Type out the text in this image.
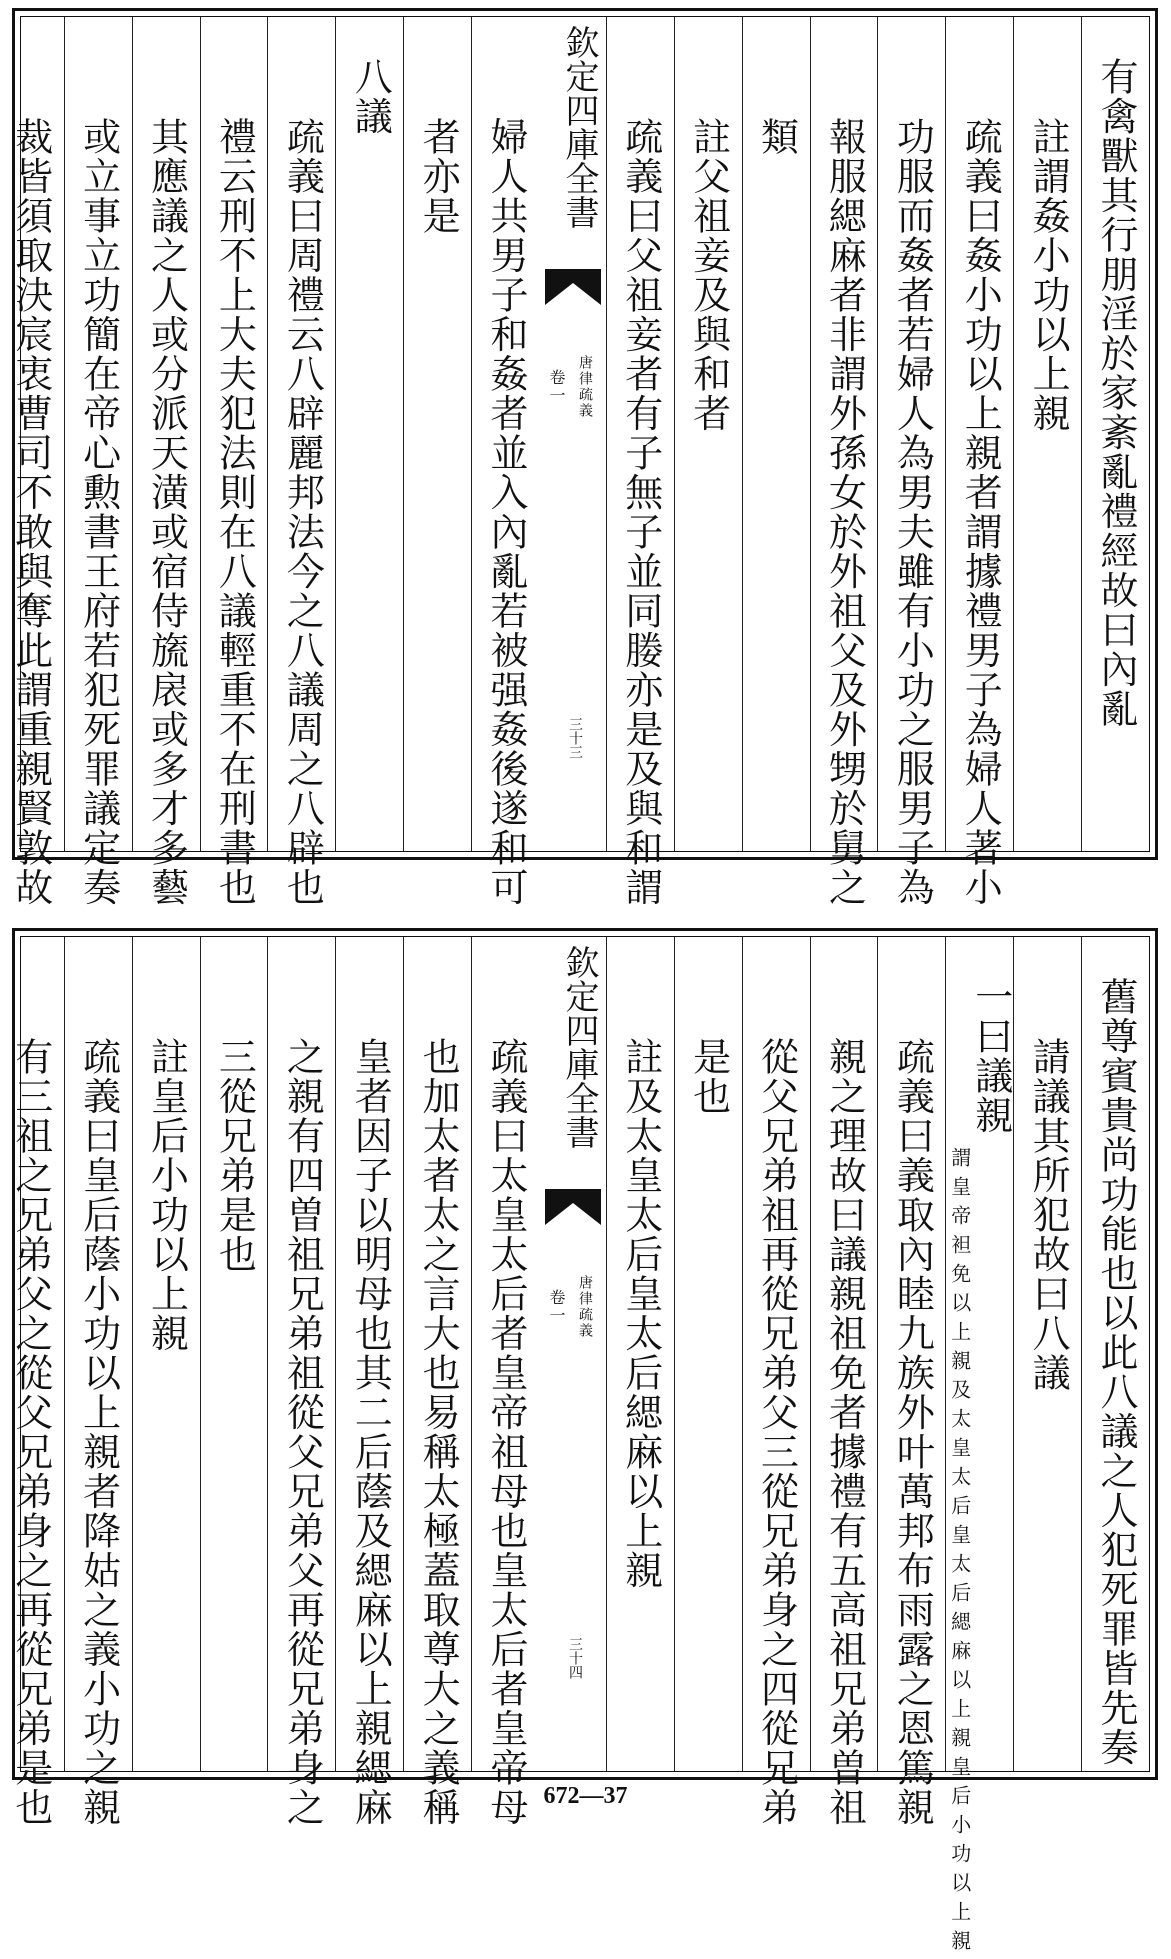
有禽獸其行朋淫於家紊亂禮經故曰內亂
註謂姦小功以上親
疏義曰姦小功以上親者謂據禮男子為婦人著小
功服而姦者若婦人為男夫雖有小功之服男子為
報服緦麻者非謂外孫女於外祖父及外甥於舅之
類
註父祖妾及與和者
疏義曰父祖妾者有子無子並同媵亦是及與和謂
欽定四庫全書
唐律疏義
卷一
三十三
婦人共男子和姦者並入內亂若被强姦後遂和可
者亦是
八議
疏義曰周禮云八辟麗邦法今之八議周之八辟也
禮云刑不上大夫犯法則在八議輕重不在刑書也
其應議之人或分派天潢或宿侍旒扆或多才多藝
或立事立功簡在帝心勲書王府若犯死罪議定奏
裁皆須取決宸衷曹司不敢與奪此謂重親賢敦故
舊尊賓貴尚功能也以此八議之人犯死罪皆先奏
請議其所犯故曰八議
一曰議親
謂皇帝袒免以上親及太皇太后皇太后緦麻以上親皇后小功以上親
疏義曰義取內睦九族外叶萬邦布雨露之恩篤親
親之理故曰議親祖免者據禮有五高祖兄弟曽祖
從父兄弟祖再從兄弟父三從兄弟身之四從兄弟
是也
註及太皇太后皇太后緦麻以上親
欽定四庫全書
唐律疏義
卷一
三十四
疏義曰太皇太后者皇帝祖母也皇太后者皇帝母
也加太者太之言大也易稱太極蓋取尊大之義稱
皇者因子以明母也其二后蔭及緦麻以上親緦麻
之親有四曽祖兄弟祖從父兄弟父再從兄弟身之
三從兄弟是也
註皇后小功以上親
疏義曰皇后蔭小功以上親者降姑之義小功之親
有三祖之兄弟父之從父兄弟身之再從兄弟是也	672—37
